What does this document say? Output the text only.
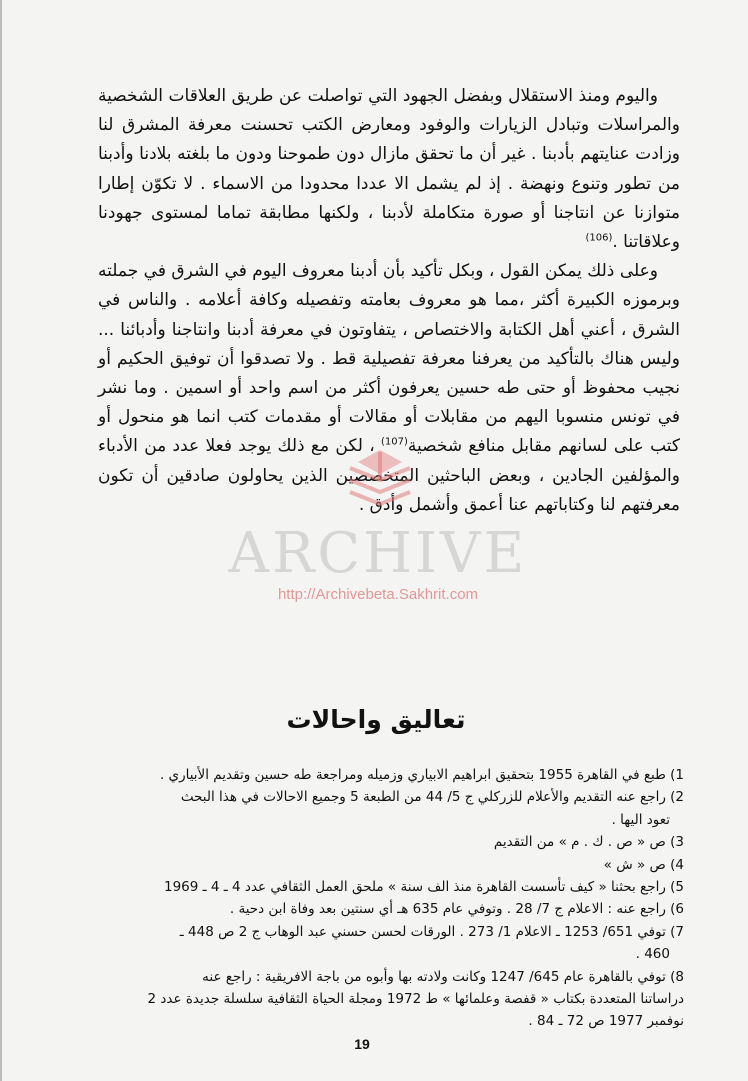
واليوم ومنذ الاستقلال وبفضل الجهود التي تواصلت عن طريق العلاقات الشخصية والمراسلات وتبادل الزيارات والوفود ومعارض الكتب تحسنت معرفة المشرق لنا وزادت عنايتهم بأدبنا . غير أن ما تحقق مازال دون طموحنا ودون ما بلغته بلادنا وأدبنا من تطور وتنوع ونهضة . إذ لم يشمل الا عددا محدودا من الاسماء . لا تكوّن إطارا متوازنا عن انتاجنا أو صورة متكاملة لأدبنا ، ولكنها مطابقة تماما لمستوى جهودنا وعلاقاتنا .$^{(106)}$

وعلى ذلك يمكن القول ، وبكل تأكيد بأن أدبنا معروف اليوم في الشرق في جملته وبرموزه الكبيرة أكثر ،مما هو معروف بعامته وتفصيله وكافة أعلامه . والناس في الشرق ، أعني أهل الكتابة والاختصاص ، يتفاوتون في معرفة أدبنا وانتاجنا وأدبائنا ... وليس هناك بالتأكيد من يعرفنا معرفة تفصيلية قط . ولا تصدقوا أن توفيق الحكيم أو نجيب محفوظ أو حتى طه حسين يعرفون أكثر من اسم واحد أو اسمين . وما نشر في تونس منسوبا اليهم من مقابلات أو مقالات أو مقدمات كتب انما هو منحول أو كتب على لسانهم مقابل منافع شخصية$^{(107)}$ ، لكن مع ذلك يوجد فعلا عدد من الأدباء والمؤلفين الجادين ، وبعض الباحثين المتخصصين الذين يحاولون صادقين أن تكون معرفتهم لنا وكتاباتهم عنا أعمق وأشمل وأدق .

ARCHIVE
http://Archivebeta.Sakhrit.com
تعاليق واحالات

1) طبع في القاهرة 1955 بتحقيق ابراهيم الابياري وزميله ومراجعة طه حسين وتقديم الأبياري .

2) راجع عنه التقديم والأعلام للزركلي ج 5/ 44 من الطبعة 5 وجميع الاحالات في هذا البحث

تعود اليها .

3) ص « ص . ك . م » من التقديم

4) ص « ش »

5) راجع بحثنا « كيف تأسست القاهرة منذ الف سنة » ملحق العمل الثقافي عدد 4 ـ 4 ـ 1969

6) راجع عنه : الاعلام ج 7/ 28 . وتوفي عام 635 هـ أي سنتين بعد وفاة ابن دحية .

7) توفي 651/ 1253 ـ الاعلام 1/ 273 . الورقات لحسن حسني عبد الوهاب ج 2 ص 448 ـ

460 .

8) توفي بالقاهرة عام 645/ 1247 وكانت ولادته بها وأبوه من باجة الافريقية : راجع عنه

دراساتنا المتعددة بكتاب « قفصة وعلمائها » ط 1972 ومجلة الحياة الثقافية سلسلة جديدة عدد 2

نوفمبر 1977 ص 72 ـ 84 .

19
